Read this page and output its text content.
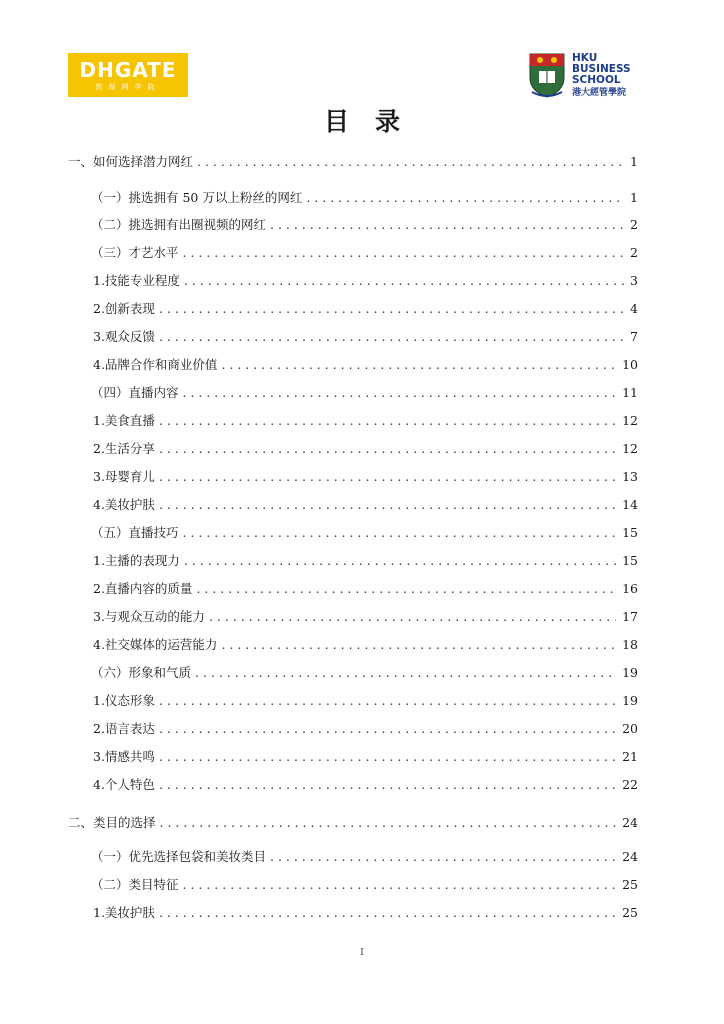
DHGATE
敦煌网学院
HKU
BUSINESS
SCHOOL
港大經管學院
目录
一、如何选择潜力网红 . . .	1
（一）挑选拥有 50 万以上粉丝的网红 . . .	1
（二）挑选拥有出圈视频的网红 . . .	2
（三）才艺水平 . . .	2
1.技能专业程度 . . .	3
2.创新表现 . . .	4
3.观众反馈 . . .	7
4.品牌合作和商业价值 . . .	10
（四）直播内容 . . .	11
1.美食直播 . . .	12
2.生活分享 . . .	12
3.母婴育儿 . . .	13
4.美妆护肤 . . .	14
（五）直播技巧 . . .	15
1.主播的表现力 . . .	15
2.直播内容的质量 . . .	16
3.与观众互动的能力 . . .	17
4.社交媒体的运营能力 . . .	18
（六）形象和气质 . . .	19
1.仪态形象 . . .	19
2.语言表达 . . .	20
3.情感共鸣 . . .	21
4.个人特色 . . .	22
二、类目的选择 . . .	24
（一）优先选择包袋和美妆类目 . . .	24
（二）类目特征 . . .	25
1.美妆护肤 . . .	25
I
